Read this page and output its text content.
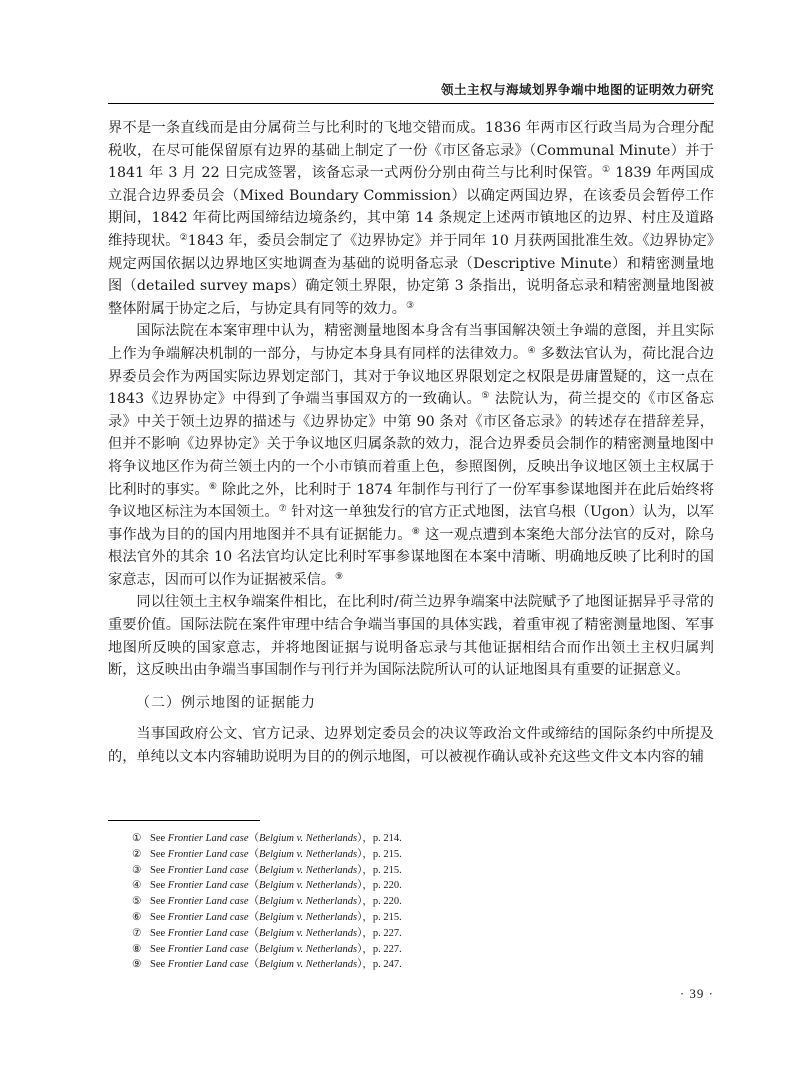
领土主权与海域划界争端中地图的证明效力研究

界不是一条直线而是由分属荷兰与比利时的飞地交错而成。1836 年两市区行政当局为合理分配税收，在尽可能保留原有边界的基础上制定了一份《市区备忘录》（Communal Minute）并于 1841 年 3 月 22 日完成签署，该备忘录一式两份分别由荷兰与比利时保管。① 1839 年两国成立混合边界委员会（Mixed Boundary Commission）以确定两国边界，在该委员会暂停工作期间，1842 年荷比两国缔结边境条约，其中第 14 条规定上述两市镇地区的边界、村庄及道路维持现状。②1843 年，委员会制定了《边界协定》并于同年 10 月获两国批准生效。《边界协定》规定两国依据以边界地区实地调查为基础的说明备忘录（Descriptive Minute）和精密测量地图（detailed survey maps）确定领土界限，协定第 3 条指出，说明备忘录和精密测量地图被整体附属于协定之后，与协定具有同等的效力。③

国际法院在本案审理中认为，精密测量地图本身含有当事国解决领土争端的意图，并且实际上作为争端解决机制的一部分，与协定本身具有同样的法律效力。④ 多数法官认为，荷比混合边界委员会作为两国实际边界划定部门，其对于争议地区界限划定之权限是毋庸置疑的，这一点在 1843《边界协定》中得到了争端当事国双方的一致确认。⑤ 法院认为，荷兰提交的《市区备忘录》中关于领土边界的描述与《边界协定》中第 90 条对《市区备忘录》的转述存在措辞差异，但并不影响《边界协定》关于争议地区归属条款的效力，混合边界委员会制作的精密测量地图中将争议地区作为荷兰领土内的一个小市镇而着重上色，参照图例，反映出争议地区领土主权属于比利时的事实。⑥ 除此之外，比利时于 1874 年制作与刊行了一份军事参谋地图并在此后始终将争议地区标注为本国领土。⑦ 针对这一单独发行的官方正式地图，法官乌根（Ugon）认为，以军事作战为目的的国内用地图并不具有证据能力。⑧ 这一观点遭到本案绝大部分法官的反对，除乌根法官外的其余 10 名法官均认定比利时军事参谋地图在本案中清晰、明确地反映了比利时的国家意志，因而可以作为证据被采信。⑨

同以往领土主权争端案件相比，在比利时/荷兰边界争端案中法院赋予了地图证据异乎寻常的重要价值。国际法院在案件审理中结合争端当事国的具体实践，着重审视了精密测量地图、军事地图所反映的国家意志，并将地图证据与说明备忘录与其他证据相结合而作出领土主权归属判断，这反映出由争端当事国制作与刊行并为国际法院所认可的认证地图具有重要的证据意义。

（二）例示地图的证据能力

当事国政府公文、官方记录、边界划定委员会的决议等政治文件或缔结的国际条约中所提及的，单纯以文本内容辅助说明为目的的例示地图，可以被视作确认或补充这些文件文本内容的辅

① See Frontier Land case（Belgium v. Netherlands），p. 214.
② See Frontier Land case（Belgium v. Netherlands），p. 215.
③ See Frontier Land case（Belgium v. Netherlands），p. 215.
④ See Frontier Land case（Belgium v. Netherlands），p. 220.
⑤ See Frontier Land case（Belgium v. Netherlands），p. 220.
⑥ See Frontier Land case（Belgium v. Netherlands），p. 215.
⑦ See Frontier Land case（Belgium v. Netherlands），p. 227.
⑧ See Frontier Land case（Belgium v. Netherlands），p. 227.
⑨ See Frontier Land case（Belgium v. Netherlands），p. 247.
· 39 ·
